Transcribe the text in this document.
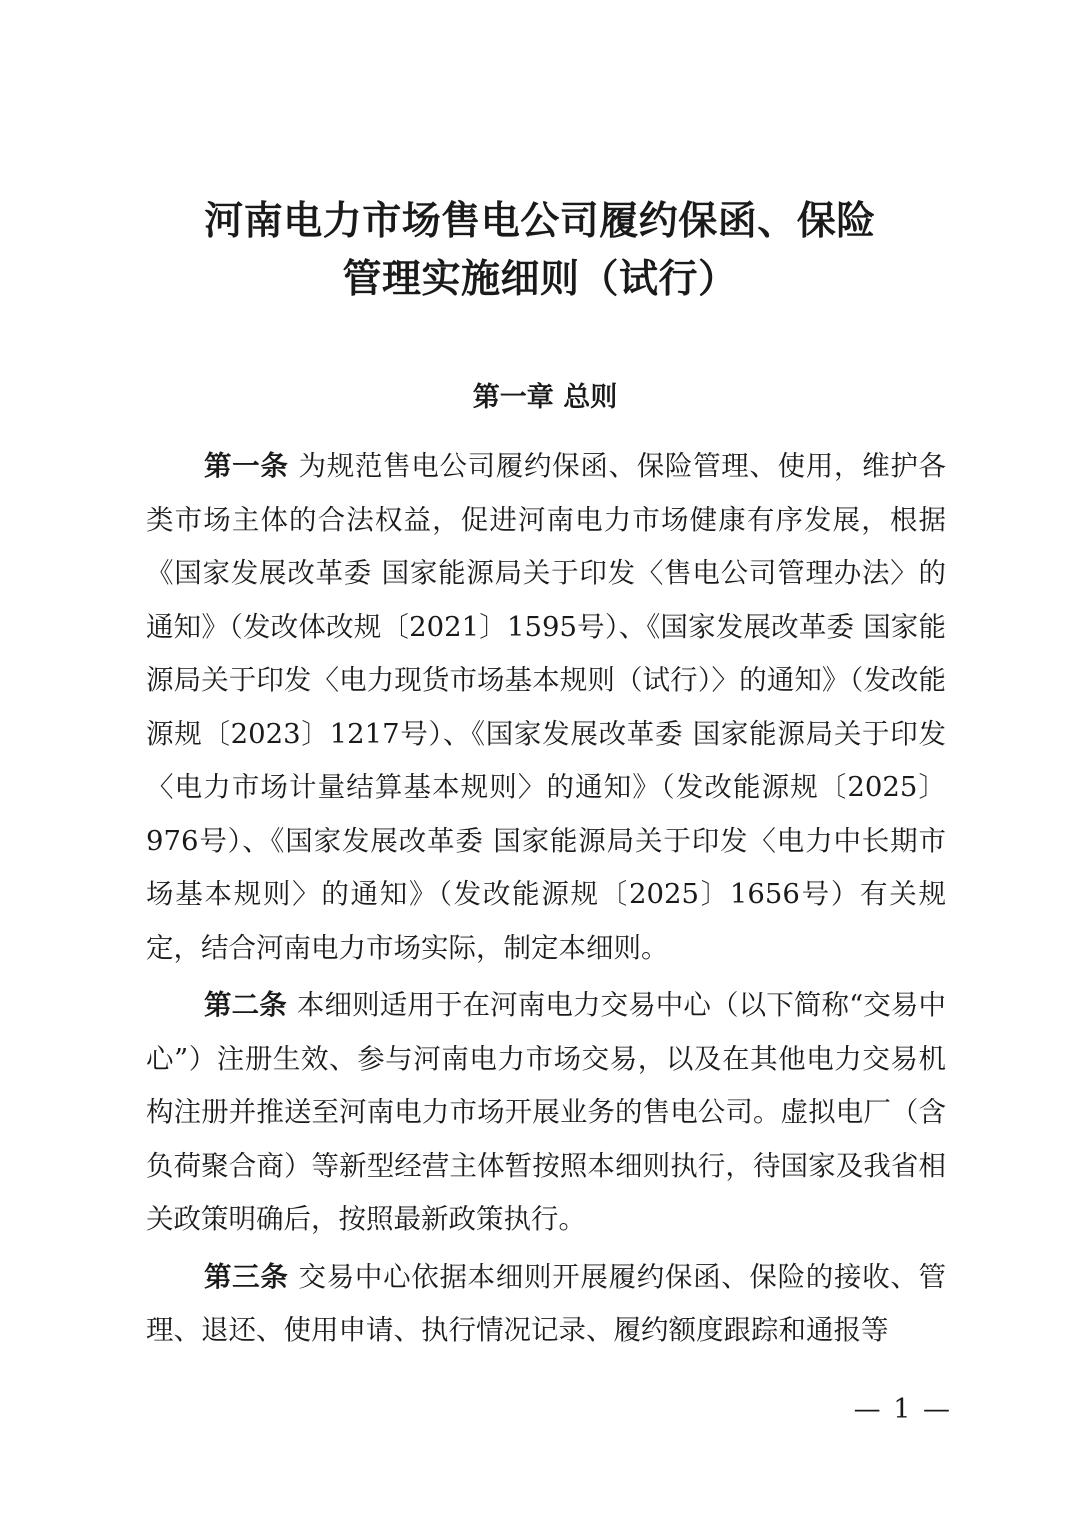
河南电力市场售电公司履约保函、保险
管理实施细则（试行）
第一章 总则

第一条 为规范售电公司履约保函、保险管理、使用，维护各类市场主体的合法权益，促进河南电力市场健康有序发展，根据《国家发展改革委 国家能源局关于印发〈售电公司管理办法〉的通知》（发改体改规〔2021〕1595号）、《国家发展改革委 国家能源局关于印发〈电力现货市场基本规则（试行）〉的通知》（发改能源规〔2023〕1217号）、《国家发展改革委 国家能源局关于印发〈电力市场计量结算基本规则〉的通知》（发改能源规〔2025〕976号）、《国家发展改革委 国家能源局关于印发〈电力中长期市场基本规则〉的通知》（发改能源规〔2025〕1656号）有关规定，结合河南电力市场实际，制定本细则。

第二条 本细则适用于在河南电力交易中心（以下简称“交易中心”）注册生效、参与河南电力市场交易，以及在其他电力交易机构注册并推送至河南电力市场开展业务的售电公司。虚拟电厂（含负荷聚合商）等新型经营主体暂按照本细则执行，待国家及我省相关政策明确后，按照最新政策执行。

第三条 交易中心依据本细则开展履约保函、保险的接收、管理、退还、使用申请、执行情况记录、履约额度跟踪和通报等

— 1 —
